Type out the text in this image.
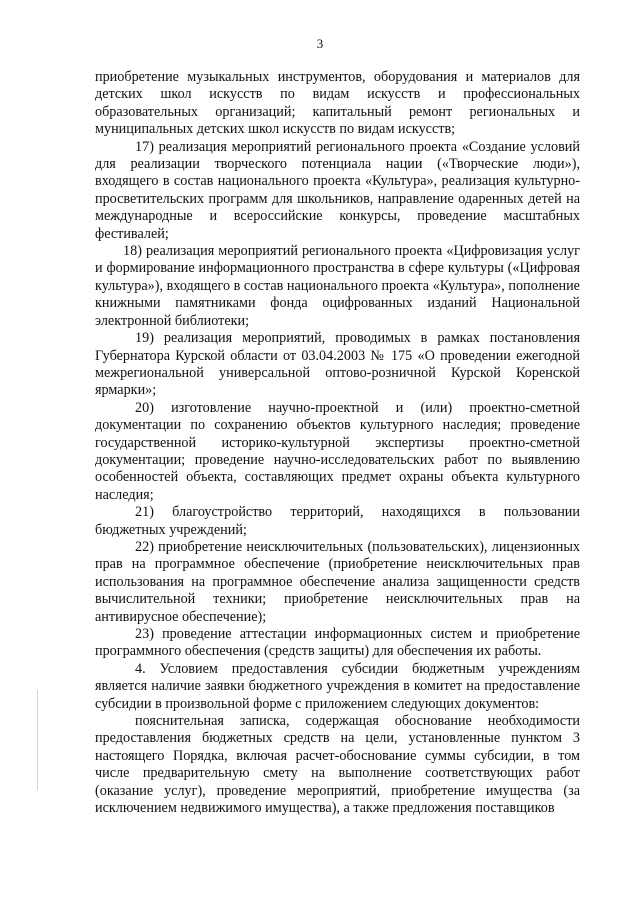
3

приобретение музыкальных инструментов, оборудования и материалов для детских школ искусств по видам искусств и профессиональных образовательных организаций; капитальный ремонт региональных и муниципальных детских школ искусств по видам искусств;

17) реализация мероприятий регионального проекта «Создание условий для реализации творческого потенциала нации («Творческие люди»), входящего в состав национального проекта «Культура», реализация культурно-просветительских программ для школьников, направление одаренных детей на международные и всероссийские конкурсы, проведение масштабных фестивалей;

18) реализация мероприятий регионального проекта «Цифровизация услуг и формирование информационного пространства в сфере культуры («Цифровая культура»), входящего в состав национального проекта «Культура», пополнение книжными памятниками фонда оцифрованных изданий Национальной электронной библиотеки;

19) реализация мероприятий, проводимых в рамках постановления Губернатора Курской области от 03.04.2003 № 175 «О проведении ежегодной межрегиональной универсальной оптово-розничной Курской Коренской ярмарки»;

20) изготовление научно-проектной и (или) проектно-сметной документации по сохранению объектов культурного наследия; проведение государственной историко-культурной экспертизы проектно-сметной документации; проведение научно-исследовательских работ по выявлению особенностей объекта, составляющих предмет охраны объекта культурного наследия;

21) благоустройство территорий, находящихся в пользовании бюджетных учреждений;

22) приобретение неисключительных (пользовательских), лицензионных прав на программное обеспечение (приобретение неисключительных прав использования на программное обеспечение анализа защищенности средств вычислительной техники; приобретение неисключительных прав на антивирусное обеспечение);

23) проведение аттестации информационных систем и приобретение программного обеспечения (средств защиты) для обеспечения их работы.

4. Условием предоставления субсидии бюджетным учреждениям является наличие заявки бюджетного учреждения в комитет на предоставление субсидии в произвольной форме с приложением следующих документов:

пояснительная записка, содержащая обоснование необходимости предоставления бюджетных средств на цели, установленные пунктом 3 настоящего Порядка, включая расчет-обоснование суммы субсидии, в том числе предварительную смету на выполнение соответствующих работ (оказание услуг), проведение мероприятий, приобретение имущества (за исключением недвижимого имущества), а также предложения поставщиков
